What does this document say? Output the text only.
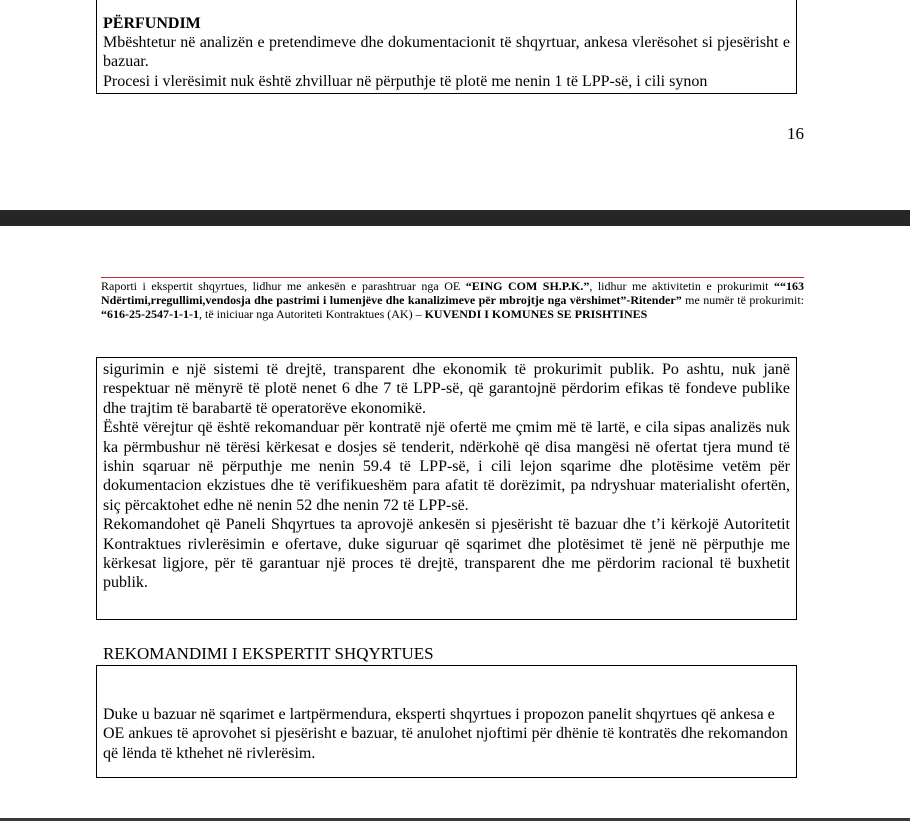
PËRFUNDIM

Mbështetur në analizën e pretendimeve dhe dokumentacionit të shqyrtuar, ankesa vlerësohet si pjesërisht e bazuar.

Procesi i vlerësimit nuk është zhvilluar në përputhje të plotë me nenin 1 të LPP-së, i cili synon

16
Raporti i ekspertit shqyrtues, lidhur me ankesën e parashtruar nga OE “EING COM SH.P.K.”, lidhur me aktivitetin e prokurimit ““163 Ndërtimi,rregullimi,vendosja dhe pastrimi i lumenjëve dhe kanalizimeve për mbrojtje nga vërshimet”-Ritender” me numër të prokurimit: “616-25-2547-1-1-1, të iniciuar nga Autoriteti Kontraktues (AK) – KUVENDI I KOMUNES SE PRISHTINES

sigurimin e një sistemi të drejtë, transparent dhe ekonomik të prokurimit publik. Po ashtu, nuk janë respektuar në mënyrë të plotë nenet 6 dhe 7 të LPP-së, që garantojnë përdorim efikas të fondeve publike dhe trajtim të barabartë të operatorëve ekonomikë.

Është vërejtur që është rekomanduar për kontratë një ofertë me çmim më të lartë, e cila sipas analizës nuk ka përmbushur në tërësi kërkesat e dosjes së tenderit, ndërkohë që disa mangësi në ofertat tjera mund të ishin sqaruar në përputhje me nenin 59.4 të LPP-së, i cili lejon sqarime dhe plotësime vetëm për dokumentacion ekzistues dhe të verifikueshëm para afatit të dorëzimit, pa ndryshuar materialisht ofertën, siç përcaktohet edhe në nenin 52 dhe nenin 72 të LPP-së.

Rekomandohet që Paneli Shqyrtues ta aprovojë ankesën si pjesërisht të bazuar dhe t’i kërkojë Autoritetit Kontraktues rivlerësimin e ofertave, duke siguruar që sqarimet dhe plotësimet të jenë në përputhje me kërkesat ligjore, për të garantuar një proces të drejtë, transparent dhe me përdorim racional të buxhetit publik.

REKOMANDIMI I EKSPERTIT SHQYRTUES

Duke u bazuar në sqarimet e lartpërmendura, eksperti shqyrtues i propozon panelit shqyrtues që ankesa e OE ankues të aprovohet si pjesërisht e bazuar, të anulohet njoftimi për dhënie të kontratës dhe rekomandon që lënda të kthehet në rivlerësim.
